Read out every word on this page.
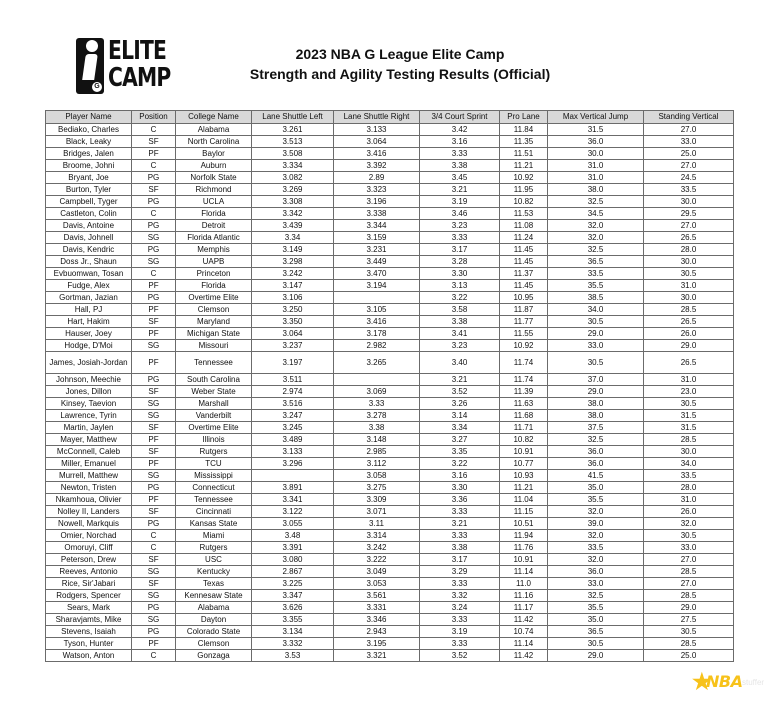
G
ELITE
CAMP
2023 NBA G League Elite Camp
Strength and Agility Testing Results (Official)
Player Name	Position	College Name	Lane Shuttle Left	Lane Shuttle Right	3/4 Court Sprint	Pro Lane	Max Vertical Jump	Standing Vertical
Bediako, Charles	C	Alabama	3.261	3.133	3.42	11.84	31.5	27.0
Black, Leaky	SF	North Carolina	3.513	3.064	3.16	11.35	36.0	33.0
Bridges, Jalen	PF	Baylor	3.508	3.416	3.33	11.51	30.0	25.0
Broome, Johni	C	Auburn	3.334	3.392	3.38	11.21	31.0	27.0
Bryant, Joe	PG	Norfolk State	3.082	2.89	3.45	10.92	31.0	24.5
Burton, Tyler	SF	Richmond	3.269	3.323	3.21	11.95	38.0	33.5
Campbell, Tyger	PG	UCLA	3.308	3.196	3.19	10.82	32.5	30.0
Castleton, Colin	C	Florida	3.342	3.338	3.46	11.53	34.5	29.5
Davis, Antoine	PG	Detroit	3.439	3.344	3.23	11.08	32.0	27.0
Davis, Johnell	SG	Florida Atlantic	3.34	3.159	3.33	11.24	32.0	26.5
Davis, Kendric	PG	Memphis	3.149	3.231	3.17	11.45	32.5	28.0
Doss Jr., Shaun	SG	UAPB	3.298	3.449	3.28	11.45	36.5	30.0
Evbuomwan, Tosan	C	Princeton	3.242	3.470	3.30	11.37	33.5	30.5
Fudge, Alex	PF	Florida	3.147	3.194	3.13	11.45	35.5	31.0
Gortman, Jazian	PG	Overtime Elite	3.106		3.22	10.95	38.5	30.0
Hall, PJ	PF	Clemson	3.250	3.105	3.58	11.87	34.0	28.5
Hart, Hakim	SF	Maryland	3.350	3.416	3.38	11.77	30.5	26.5
Hauser, Joey	PF	Michigan State	3.064	3.178	3.41	11.55	29.0	26.0
Hodge, D'Moi	SG	Missouri	3.237	2.982	3.23	10.92	33.0	29.0
James, Josiah-Jordan	PF	Tennessee	3.197	3.265	3.40	11.74	30.5	26.5
Johnson, Meechie	PG	South Carolina	3.511		3.21	11.74	37.0	31.0
Jones, Dillon	SF	Weber State	2.974	3.069	3.52	11.39	29.0	23.0
Kinsey, Taevion	SG	Marshall	3.516	3.33	3.26	11.63	38.0	30.5
Lawrence, Tyrin	SG	Vanderbilt	3.247	3.278	3.14	11.68	38.0	31.5
Martin, Jaylen	SF	Overtime Elite	3.245	3.38	3.34	11.71	37.5	31.5
Mayer, Matthew	PF	Illinois	3.489	3.148	3.27	10.82	32.5	28.5
McConnell, Caleb	SF	Rutgers	3.133	2.985	3.35	10.91	36.0	30.0
Miller, Emanuel	PF	TCU	3.296	3.112	3.22	10.77	36.0	34.0
Murrell, Matthew	SG	Mississippi		3.058	3.16	10.93	41.5	33.5
Newton, Tristen	PG	Connecticut	3.891	3.275	3.30	11.21	35.0	28.0
Nkamhoua, Olivier	PF	Tennessee	3.341	3.309	3.36	11.04	35.5	31.0
Nolley II, Landers	SF	Cincinnati	3.122	3.071	3.33	11.15	32.0	26.0
Nowell, Markquis	PG	Kansas State	3.055	3.11	3.21	10.51	39.0	32.0
Omier, Norchad	C	Miami	3.48	3.314	3.33	11.94	32.0	30.5
Omoruyi, Cliff	C	Rutgers	3.391	3.242	3.38	11.76	33.5	33.0
Peterson, Drew	SF	USC	3.080	3.222	3.17	10.91	32.0	27.0
Reeves, Antonio	SG	Kentucky	2.867	3.049	3.29	11.14	36.0	28.5
Rice, Sir'Jabari	SF	Texas	3.225	3.053	3.33	11.0	33.0	27.0
Rodgers, Spencer	SG	Kennesaw State	3.347	3.561	3.32	11.16	32.5	28.5
Sears, Mark	PG	Alabama	3.626	3.331	3.24	11.17	35.5	29.0
Sharavjamts, Mike	SG	Dayton	3.355	3.346	3.33	11.42	35.0	27.5
Stevens, Isaiah	PG	Colorado State	3.134	2.943	3.19	10.74	36.5	30.5
Tyson, Hunter	PF	Clemson	3.332	3.195	3.33	11.14	30.5	28.5
Watson, Anton	C	Gonzaga	3.53	3.321	3.52	11.42	29.0	25.0
★
NBA stuffer
